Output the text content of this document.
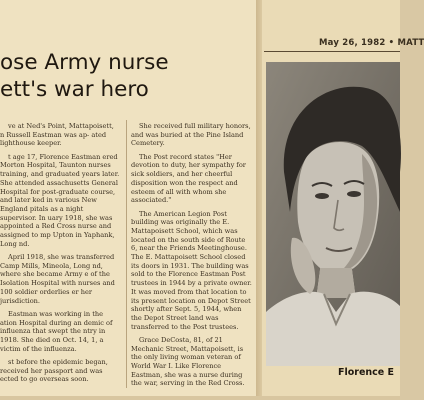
May 26, 1982 • MATT
ose Army nurse
ett's war hero

ve at Ned's Point, Mattapoisett, n Russell Eastman was ap- ated lighthouse keeper.

t age 17, Florence Eastman ered Morton Hospital, Taunton nurses training, and graduated years later. She attended assachusetts General Hospital for post-graduate course, and later ked in various New England pitals as a night supervisor. In uary 1918, she was appointed a Red Cross nurse and assigned to mp Upton in Yaphank, Long nd.

April 1918, she was transferred Camp Mills, Mineola, Long nd, where she became Army e of the Isolation Hospital with nurses and 100 soldier orderlies er her jurisdiction.

Eastman was working in the ation Hospital during an demic of influenza that swept the ntry in 1918. She died on Oct. 14, 1, a victim of the influenza.

st before the epidemic began, received her passport and was ected to go overseas soon.

She received full military honors, and was buried at the Pine Island Cemetery.

The Post record states "Her devotion to duty, her sympathy for sick soldiers, and her cheerful disposition won the respect and esteem of all with whom she associated."

The American Legion Post building was originally the E. Mattapoisett School, which was located on the south side of Route 6, near the Friends Meetinghouse. The E. Mattapoisett School closed its doors in 1931. The building was sold to the Florence Eastman Post trustees in 1944 by a private owner. It was moved from that location to its present location on Depot Street shortly after Sept. 5, 1944, when the Depot Street land was transferred to the Post trustees.

Grace DeCosta, 81, of 21 Mechanic Street, Mattapoisett, is the only living woman veteran of World War I. Like Florence Eastman, she was a nurse during the war, serving in the Red Cross.

Florence E
